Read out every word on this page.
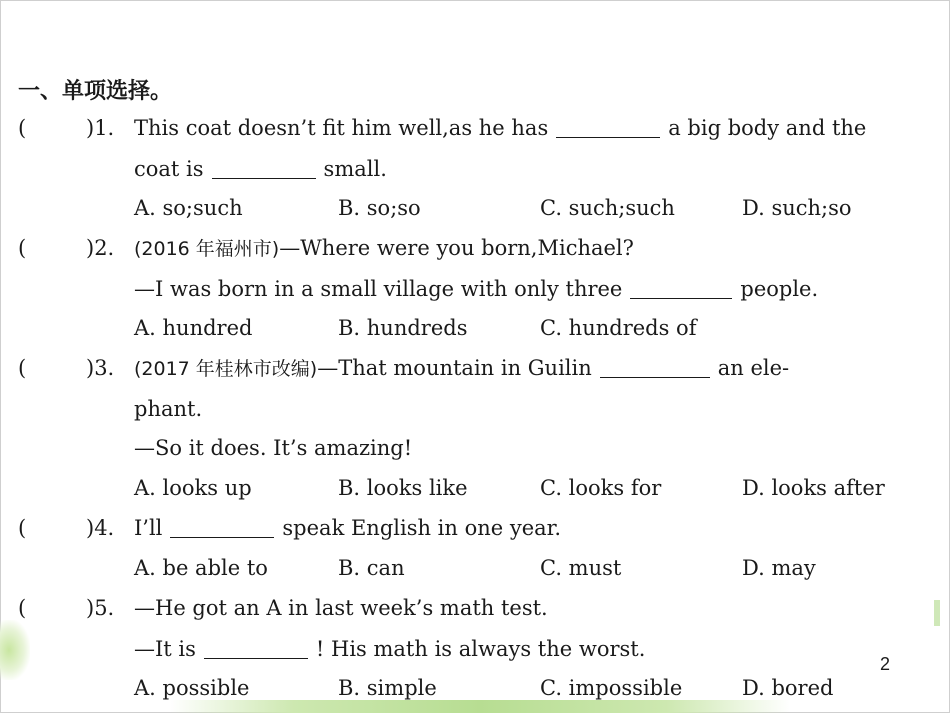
一、单项选择。
(	)1. This coat doesn’t fit him well,as he has	a big body and the
coat is	small.
A. so;such	B. so;so	C. such;such	D. such;so
(	)2. (2016 年福州市)—Where were you born,Michael?
—I was born in a small village with only three	people.
A. hundred	B. hundreds	C. hundreds of
(	)3. (2017 年桂林市改编)—That mountain in Guilin	an ele-
phant.
—So it does. It’s amazing!
A. looks up	B. looks like	C. looks for	D. looks after
(	)4. I’ll	speak English in one year.
A. be able to	B. can	C. must	D. may
(	)5. —He got an A in last week’s math test.
—It is	! His math is always the worst.
A. possible	B. simple	C. impossible	D. bored
2
